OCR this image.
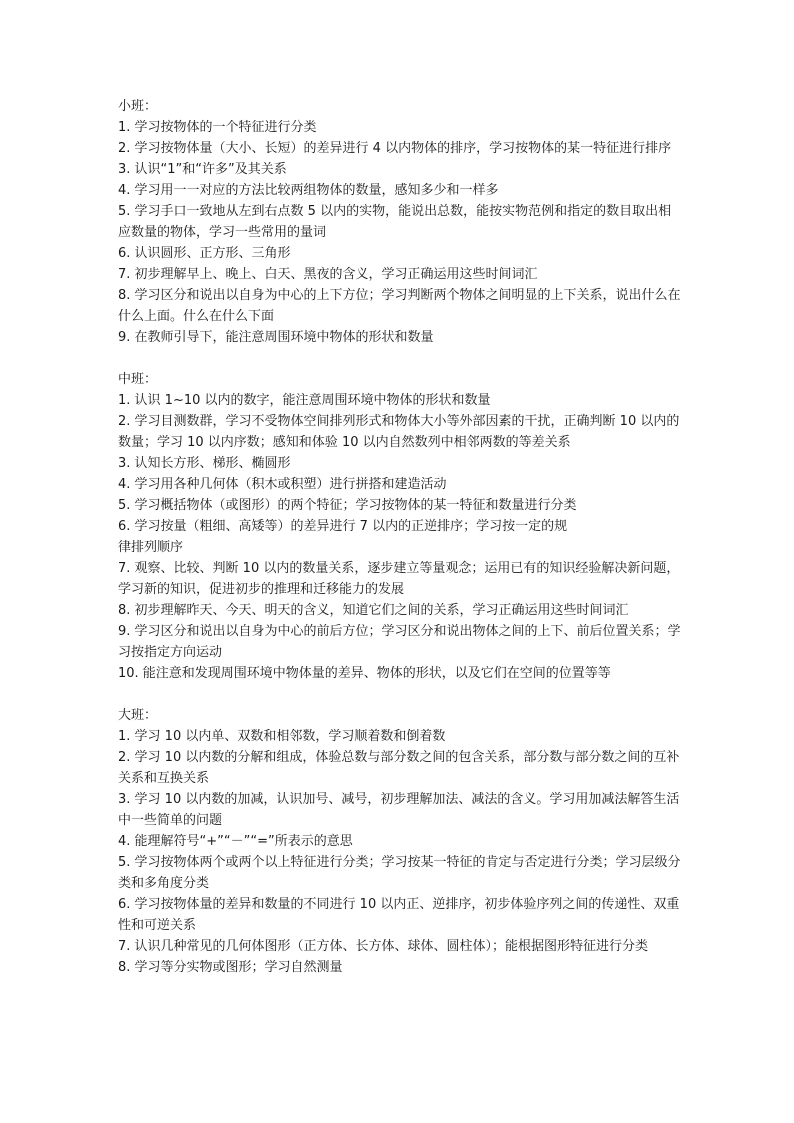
小班：

1. 学习按物体的一个特征进行分类

2. 学习按物体量（大小、长短）的差异进行 4 以内物体的排序，学习按物体的某一特征进行排序

3. 认识“1”和“许多”及其关系

4. 学习用一一对应的方法比较两组物体的数量，感知多少和一样多

5. 学习手口一致地从左到右点数 5 以内的实物，能说出总数，能按实物范例和指定的数目取出相应数量的物体，学习一些常用的量词

6. 认识圆形、正方形、三角形

7. 初步理解早上、晚上、白天、黑夜的含义，学习正确运用这些时间词汇

8. 学习区分和说出以自身为中心的上下方位；学习判断两个物体之间明显的上下关系，说出什么在什么上面。什么在什么下面

9. 在教师引导下，能注意周围环境中物体的形状和数量

中班：

1. 认识 1~10 以内的数字，能注意周围环境中物体的形状和数量

2. 学习目测数群，学习不受物体空间排列形式和物体大小等外部因素的干扰，正确判断 10 以内的数量；学习 10 以内序数；感知和体验 10 以内自然数列中相邻两数的等差关系

3. 认知长方形、梯形、椭圆形

4. 学习用各种几何体（积木或积塑）进行拼搭和建造活动

5. 学习概括物体（或图形）的两个特征；学习按物体的某一特征和数量进行分类

6. 学习按量（粗细、高矮等）的差异进行 7 以内的正逆排序；学习按一定的规

律排列顺序

7. 观察、比较、判断 10 以内的数量关系，逐步建立等量观念；运用已有的知识经验解决新问题，学习新的知识，促进初步的推理和迁移能力的发展

8. 初步理解昨天、今天、明天的含义，知道它们之间的关系，学习正确运用这些时间词汇

9. 学习区分和说出以自身为中心的前后方位；学习区分和说出物体之间的上下、前后位置关系；学习按指定方向运动

10. 能注意和发现周围环境中物体量的差异、物体的形状，以及它们在空间的位置等等

大班：

1. 学习 10 以内单、双数和相邻数，学习顺着数和倒着数

2. 学习 10 以内数的分解和组成，体验总数与部分数之间的包含关系，部分数与部分数之间的互补关系和互换关系

3. 学习 10 以内数的加减，认识加号、减号，初步理解加法、减法的含义。学习用加减法解答生活中一些简单的问题

4. 能理解符号“+”“－”“=”所表示的意思

5. 学习按物体两个或两个以上特征进行分类；学习按某一特征的肯定与否定进行分类；学习层级分类和多角度分类

6. 学习按物体量的差异和数量的不同进行 10 以内正、逆排序，初步体验序列之间的传递性、双重性和可逆关系

7. 认识几种常见的几何体图形（正方体、长方体、球体、圆柱体）；能根据图形特征进行分类

8. 学习等分实物或图形；学习自然测量
